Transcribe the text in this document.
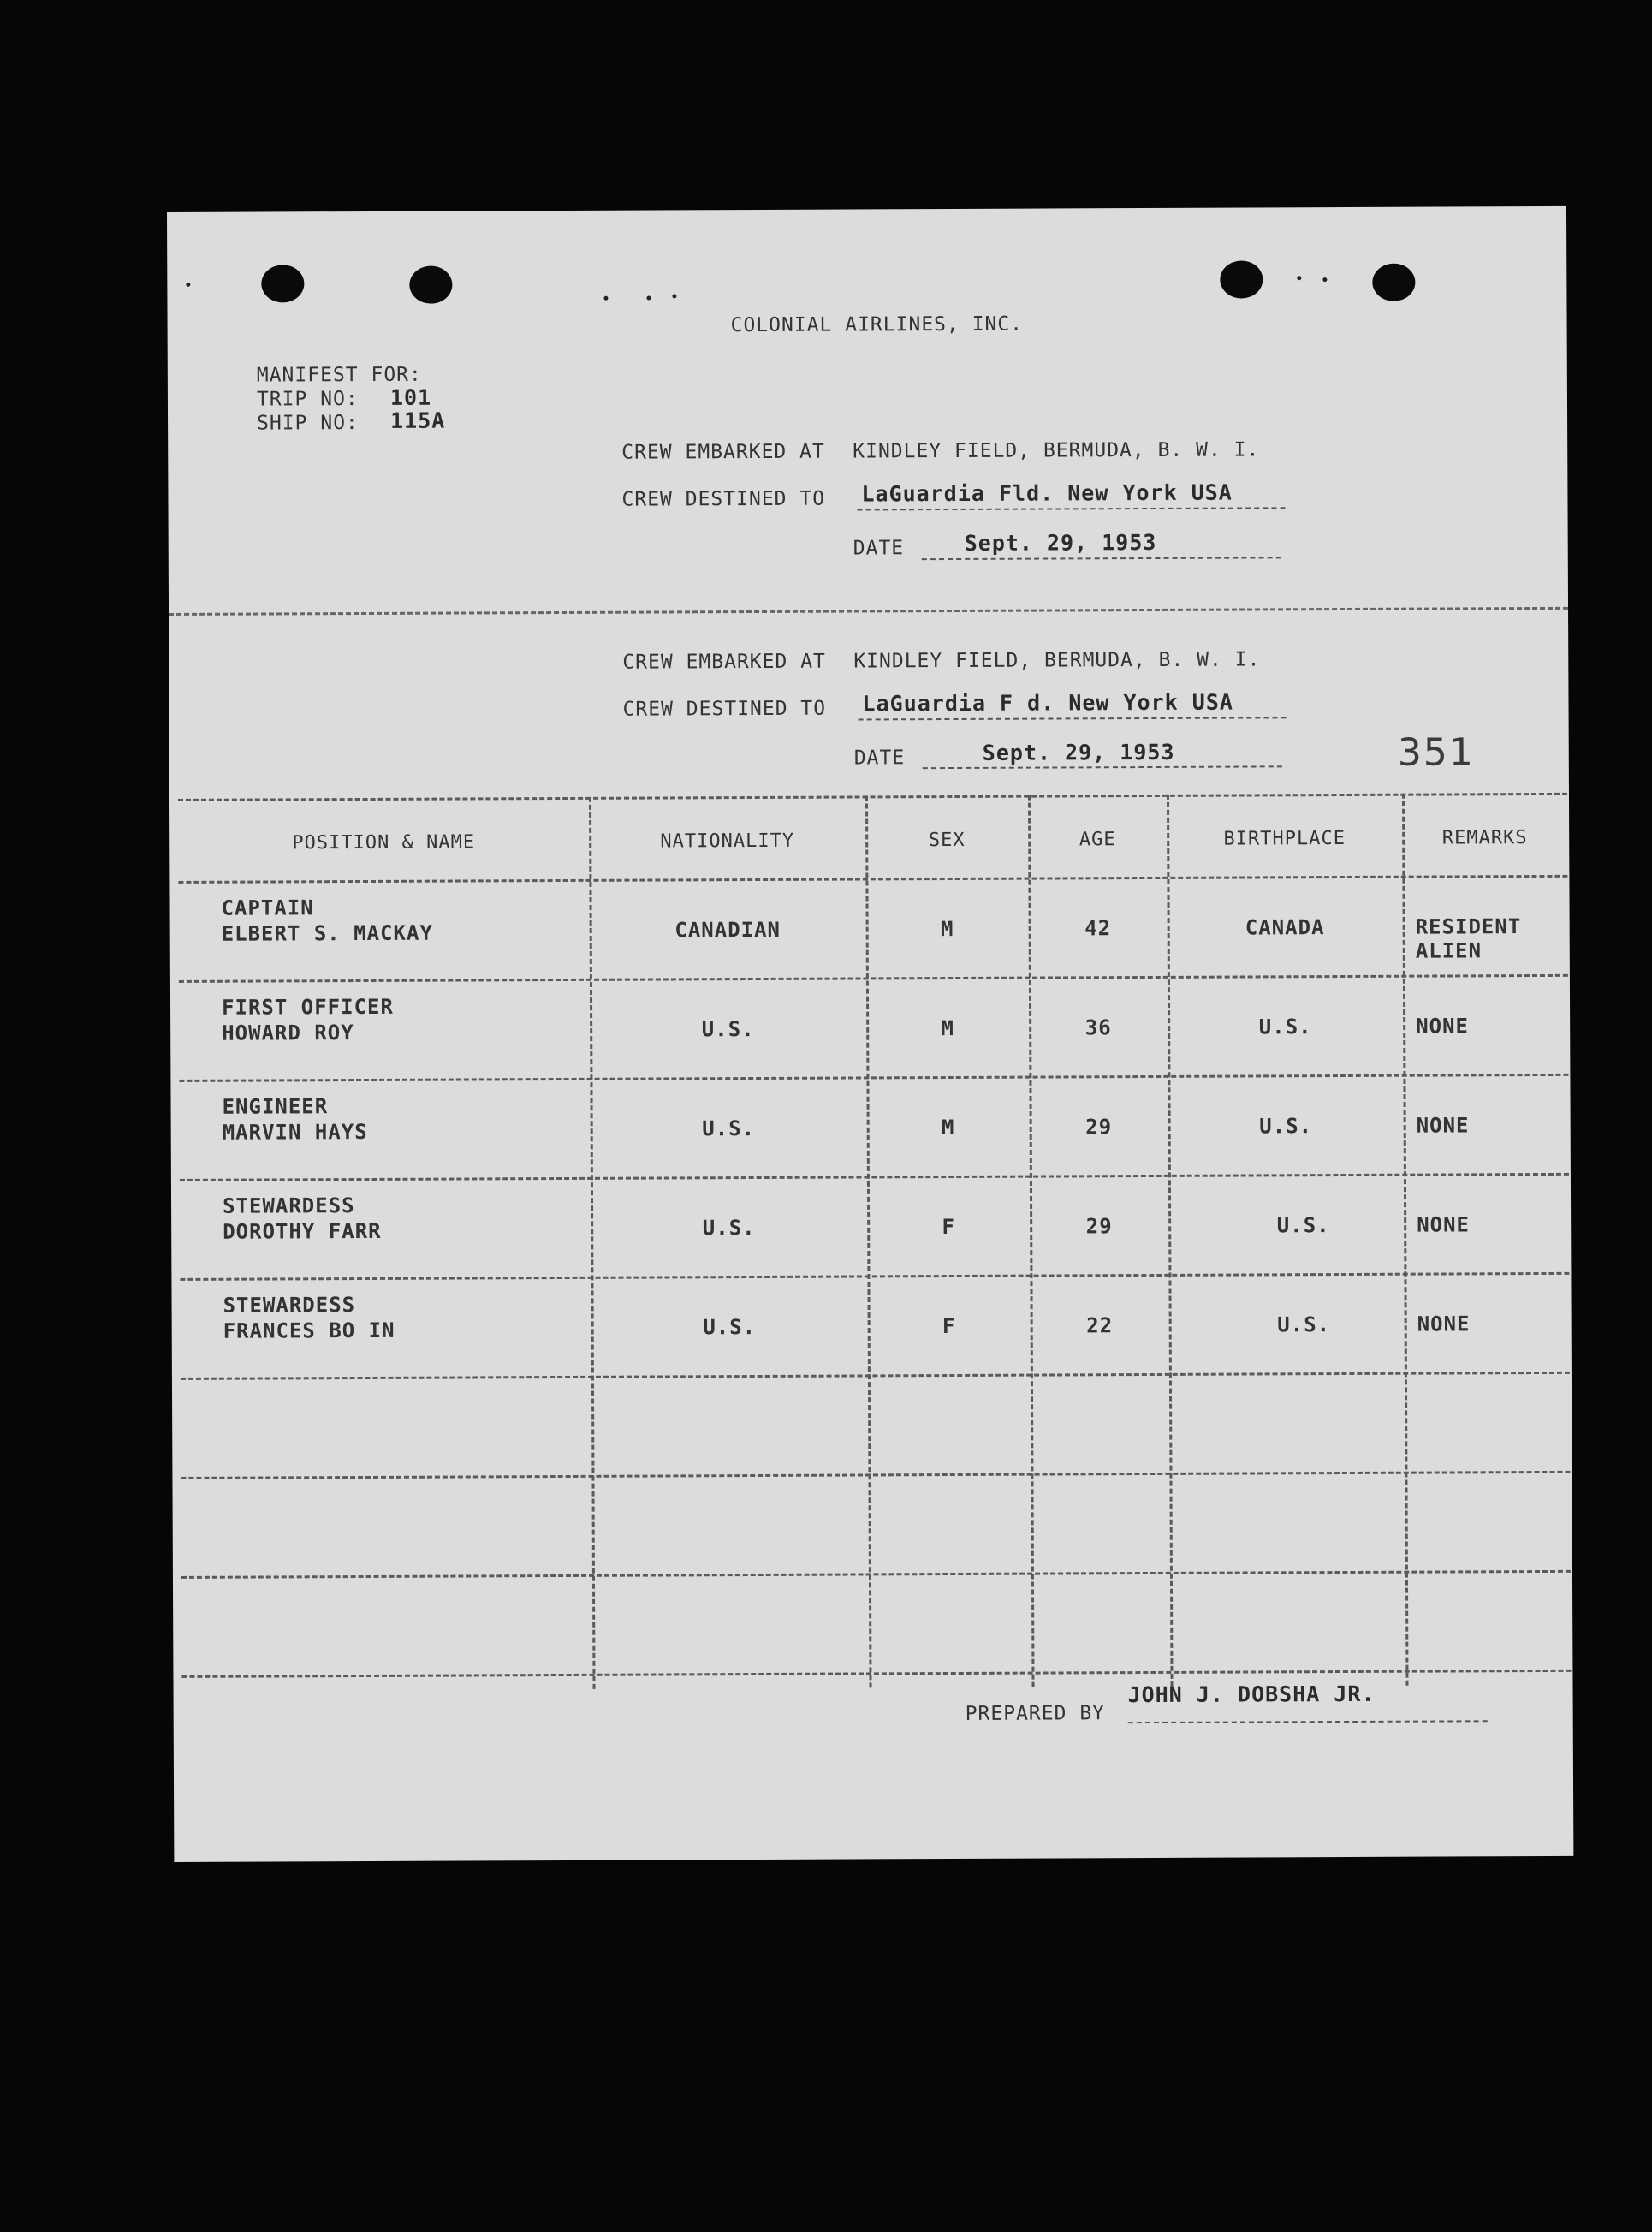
COLONIAL AIRLINES, INC.
MANIFEST FOR:
TRIP NO: 101
SHIP NO: 115A
CREW EMBARKED AT KINDLEY FIELD, BERMUDA, B. W. I.
CREW DESTINED TO LaGuardia Fld. New York USA
DATE	Sept. 29, 1953
CREW EMBARKED AT KINDLEY FIELD, BERMUDA, B. W. I.
CREW DESTINED TO LaGuardia F d. New York USA
DATE	Sept. 29, 1953	351
POSITION & NAME	NATIONALITY	SEX	AGE	BIRTHPLACE	REMARKS
CAPTAIN
ELBERT S. MACKAY	CANADIAN	M	42	CANADA	RESIDENT
ALIEN
FIRST OFFICER
HOWARD ROY	U.S.	M	36	U.S.	NONE
ENGINEER
MARVIN HAYS	U.S.	M	29	U.S.	NONE
STEWARDESS
DOROTHY FARR	U.S.	F	29	U.S.	NONE
STEWARDESS
FRANCES BO IN	U.S.	F	22	U.S.	NONE
PREPARED BY
JOHN J. DOBSHA JR.
